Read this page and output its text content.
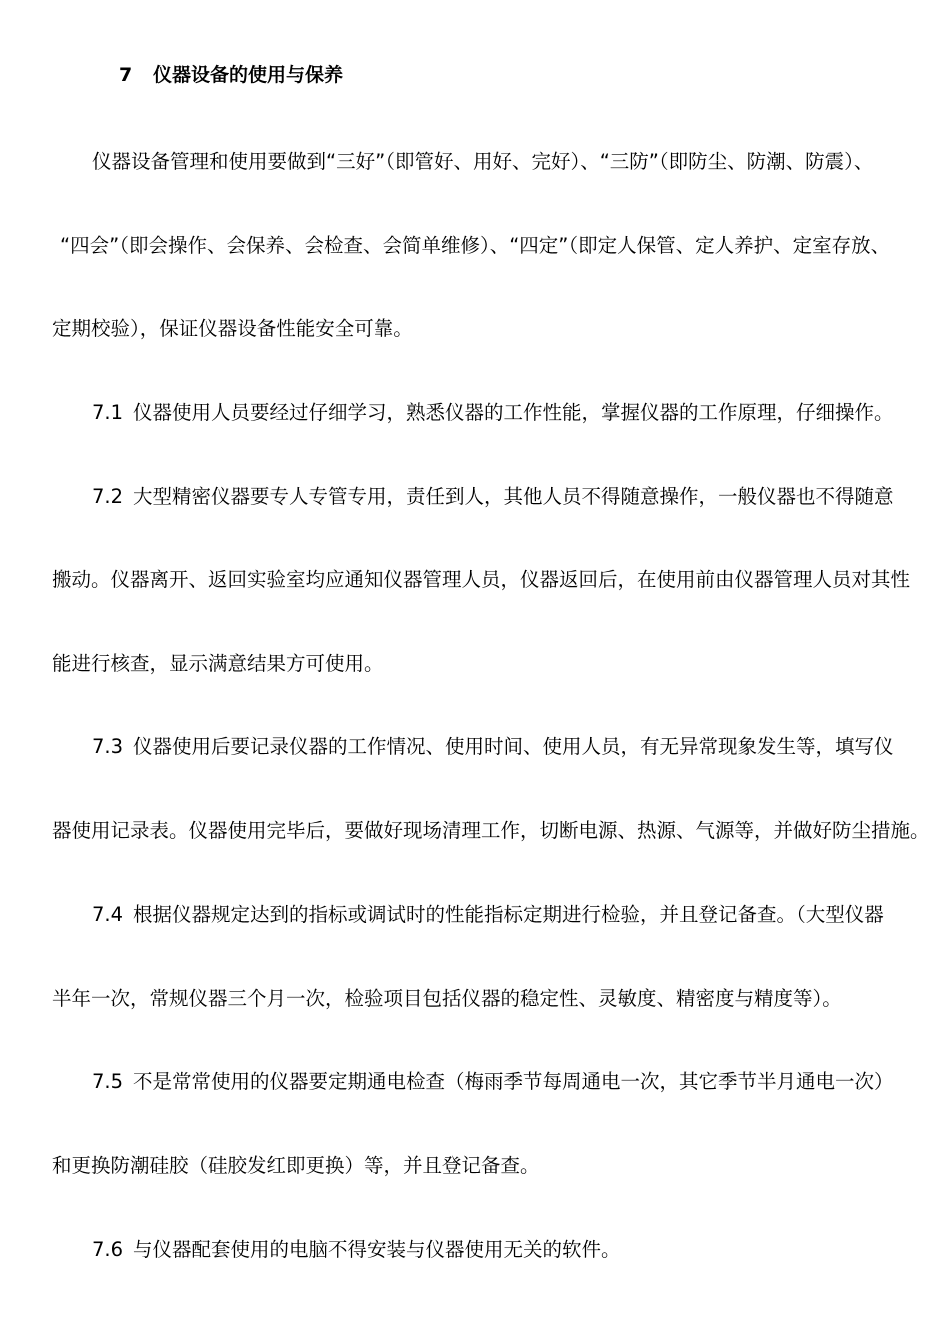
7 仪器设备的使用与保养
仪器设备管理和使用要做到“三好”（即管好、用好、完好）、“三防”（即防尘、防潮、防震）、
“四会”（即会操作、会保养、会检查、会简单维修）、“四定”（即定人保管、定人养护、定室存放、
定期校验），保证仪器设备性能安全可靠。
7.1 仪器使用人员要经过仔细学习，熟悉仪器的工作性能，掌握仪器的工作原理，仔细操作。
7.2 大型精密仪器要专人专管专用，责任到人，其他人员不得随意操作，一般仪器也不得随意
搬动。仪器离开、返回实验室均应通知仪器管理人员，仪器返回后，在使用前由仪器管理人员对其性
能进行核查，显示满意结果方可使用。
7.3 仪器使用后要记录仪器的工作情况、使用时间、使用人员，有无异常现象发生等，填写仪
器使用记录表。仪器使用完毕后，要做好现场清理工作，切断电源、热源、气源等，并做好防尘措施。
7.4 根据仪器规定达到的指标或调试时的性能指标定期进行检验，并且登记备查。（大型仪器
半年一次，常规仪器三个月一次，检验项目包括仪器的稳定性、灵敏度、精密度与精度等）。
7.5 不是常常使用的仪器要定期通电检查（梅雨季节每周通电一次，其它季节半月通电一次）
和更换防潮硅胶（硅胶发红即更换）等，并且登记备查。
7.6 与仪器配套使用的电脑不得安装与仪器使用无关的软件。
